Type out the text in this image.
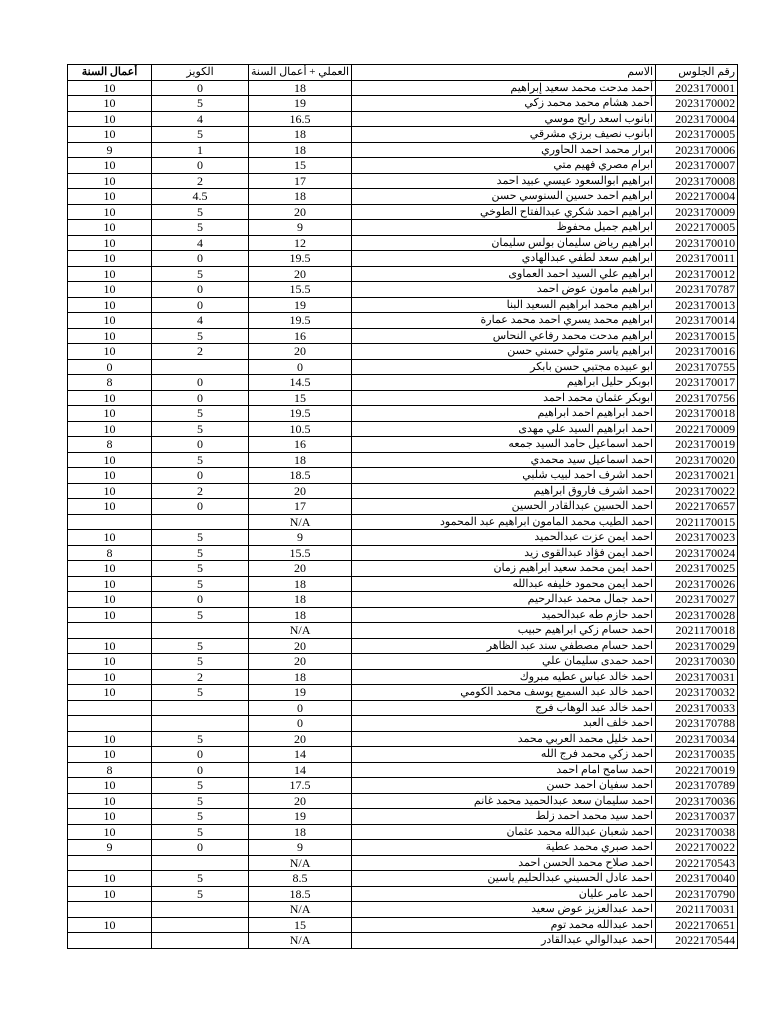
أعمال السنة	الكويز	العملي + أعمال السنة	الاسم	رقم الجلوس
10	0	18	أحمد مدحت محمد سعيد إبراهيم	2023170001
10	5	19	أحمد هشام محمد محمد زكي	2023170002
10	4	16.5	ابانوب اسعد رابح موسي	2023170004
10	5	18	ابانوب نصيف برزي مشرقي	2023170005
9	1	18	ابرار محمد احمد الحاوري	2023170006
10	0	15	ابرام مصري فهيم متي	2023170007
10	2	17	ابراهيم ابوالسعود عيسي عبيد احمد	2023170008
10	4.5	18	ابراهيم احمد حسين السنوسي حسن	2022170004
10	5	20	ابراهيم احمد شكري عبدالفتاح الطوخي	2023170009
10	5	9	ابراهيم جميل محفوظ	2022170005
10	4	12	ابراهيم رياض سليمان بولس سليمان	2023170010
10	0	19.5	ابراهيم سعد لطفي عبدالهادي	2023170011
10	5	20	ابراهيم علي السيد احمد العماوى	2023170012
10	0	15.5	ابراهيم مامون عوض احمد	2023170787
10	0	19	ابراهيم محمد ابراهيم السعيد البنا	2023170013
10	4	19.5	ابراهيم محمد يسري احمد محمد عمارة	2023170014
10	5	16	ابراهيم مدحت محمد رفاعي النحاس	2023170015
10	2	20	ابراهيم ياسر متولي حسني حسن	2023170016
0		0	ابو عبيده مجتبي حسن بابكر	2023170755
8	0	14.5	ابوبكر حليل ابراهيم	2023170017
10	0	15	ابوبكر عثمان محمد احمد	2023170756
10	5	19.5	احمد ابراهيم احمد ابراهيم	2023170018
10	5	10.5	احمد ابراهيم السيد علي مهدى	2022170009
8	0	16	احمد اسماعيل حامد السيد جمعه	2023170019
10	5	18	احمد اسماعيل سيد محمدي	2023170020
10	0	18.5	احمد اشرف احمد لبيب شلبي	2023170021
10	2	20	احمد اشرف فاروق ابراهيم	2023170022
10	0	17	احمد الحسين عبدالقادر الحسين	2022170657
		N/A	احمد الطيب محمد المامون ابراهيم عبد المحمود	2021170015
10	5	9	احمد ايمن عزت عبدالحميد	2023170023
8	5	15.5	احمد ايمن فؤاد عبدالقوى زيد	2023170024
10	5	20	احمد ايمن محمد سعيد ابراهيم زمان	2023170025
10	5	18	احمد ايمن محمود خليفه عبدالله	2023170026
10	0	18	احمد جمال محمد عبدالرحيم	2023170027
10	5	18	احمد حازم طه عبدالحميد	2023170028
		N/A	احمد حسام زكي ابراهيم حبيب	2021170018
10	5	20	احمد حسام مصطفي سند عبد الظاهر	2023170029
10	5	20	احمد حمدى سليمان علي	2023170030
10	2	18	احمد خالد عباس عطيه مبروك	2023170031
10	5	19	احمد خالد عبد السميع يوسف محمد الكومي	2023170032
		0	احمد خالد عبد الوهاب فرج	2023170033
		0	احمد خلف العبد	2023170788
10	5	20	احمد خليل محمد العربي محمد	2023170034
10	0	14	احمد زكي محمد فرج الله	2023170035
8	0	14	احمد سامح امام احمد	2022170019
10	5	17.5	احمد سفيان احمد حسن	2023170789
10	5	20	احمد سليمان سعد عبدالحميد محمد غانم	2023170036
10	5	19	احمد سيد محمد احمد زلط	2023170037
10	5	18	احمد شعبان عبدالله محمد عثمان	2023170038
9	0	9	احمد صبري محمد عطية	2022170022
		N/A	احمد صلاح محمد الحسن احمد	2022170543
10	5	8.5	احمد عادل الحسيني عبدالحليم ياسين	2023170040
10	5	18.5	احمد عامر عليان	2023170790
		N/A	احمد عبدالعزيز عوض سعيد	2021170031
10		15	احمد عبدالله محمد توم	2022170651
		N/A	احمد عبدالوالي عبدالقادر	2022170544
